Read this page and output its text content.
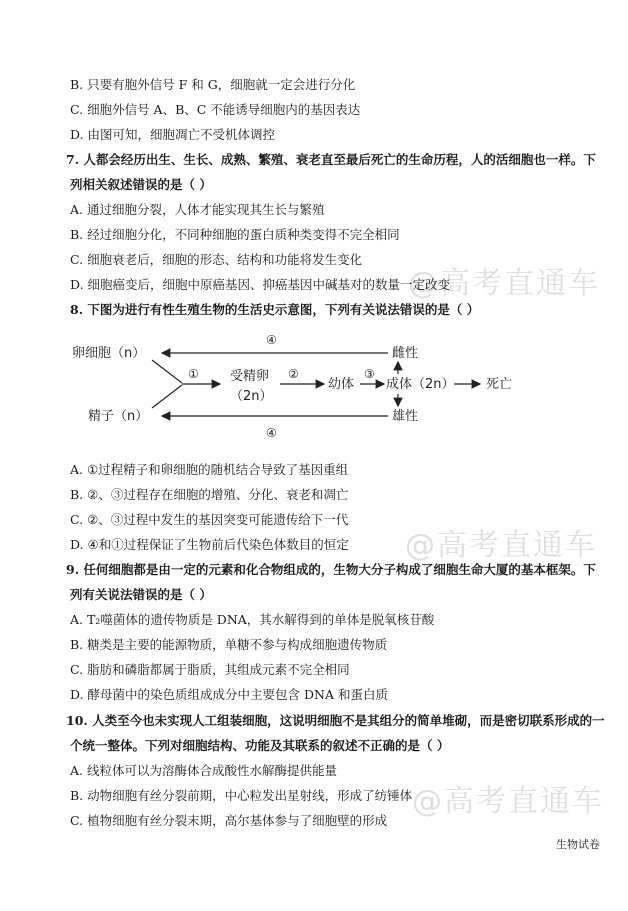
B. 只要有胞外信号 F 和 G，细胞就一定会进行分化
C. 细胞外信号 A、B、C 不能诱导细胞内的基因表达
D. 由图可知，细胞凋亡不受机体调控
7. 人都会经历出生、生长、成熟、繁殖、衰老直至最后死亡的生命历程，人的活细胞也一样。下
列相关叙述错误的是（ ）
A. 通过细胞分裂，人体才能实现其生长与繁殖
B. 经过细胞分化，不同种细胞的蛋白质种类变得不完全相同
C. 细胞衰老后，细胞的形态、结构和功能将发生变化
D. 细胞癌变后，细胞中原癌基因、抑癌基因中碱基对的数量一定改变
8. 下图为进行有性生殖生物的生活史示意图，下列有关说法错误的是（ ）
④
④
卵细胞（n）
精子（n）
① 受精卵
（2n）
②
幼体
③
成体（2n） 死亡
雌性
雄性
A. ①过程精子和卵细胞的随机结合导致了基因重组
B. ②、③过程存在细胞的增殖、分化、衰老和凋亡
C. ②、③过程中发生的基因突变可能遗传给下一代
D. ④和①过程保证了生物前后代染色体数目的恒定
9. 任何细胞都是由一定的元素和化合物组成的，生物大分子构成了细胞生命大厦的基本框架。下
列有关说法错误的是（ ）
A. T₂噬菌体的遗传物质是 DNA，其水解得到的单体是脱氧核苷酸
B. 糖类是主要的能源物质，单糖不参与构成细胞遗传物质
C. 脂肪和磷脂都属于脂质，其组成元素不完全相同
D. 酵母菌中的染色质组成成分中主要包含 DNA 和蛋白质
10. 人类至今也未实现人工组装细胞，这说明细胞不是其组分的简单堆砌，而是密切联系形成的一
个统一整体。下列对细胞结构、功能及其联系的叙述不正确的是（ ）
A. 线粒体可以为溶酶体合成酸性水解酶提供能量
B. 动物细胞有丝分裂前期，中心粒发出星射线，形成了纺锤体
C. 植物细胞有丝分裂末期，高尔基体参与了细胞壁的形成
生物试卷
@高考直通车
@高考直通车
@高考直通车
